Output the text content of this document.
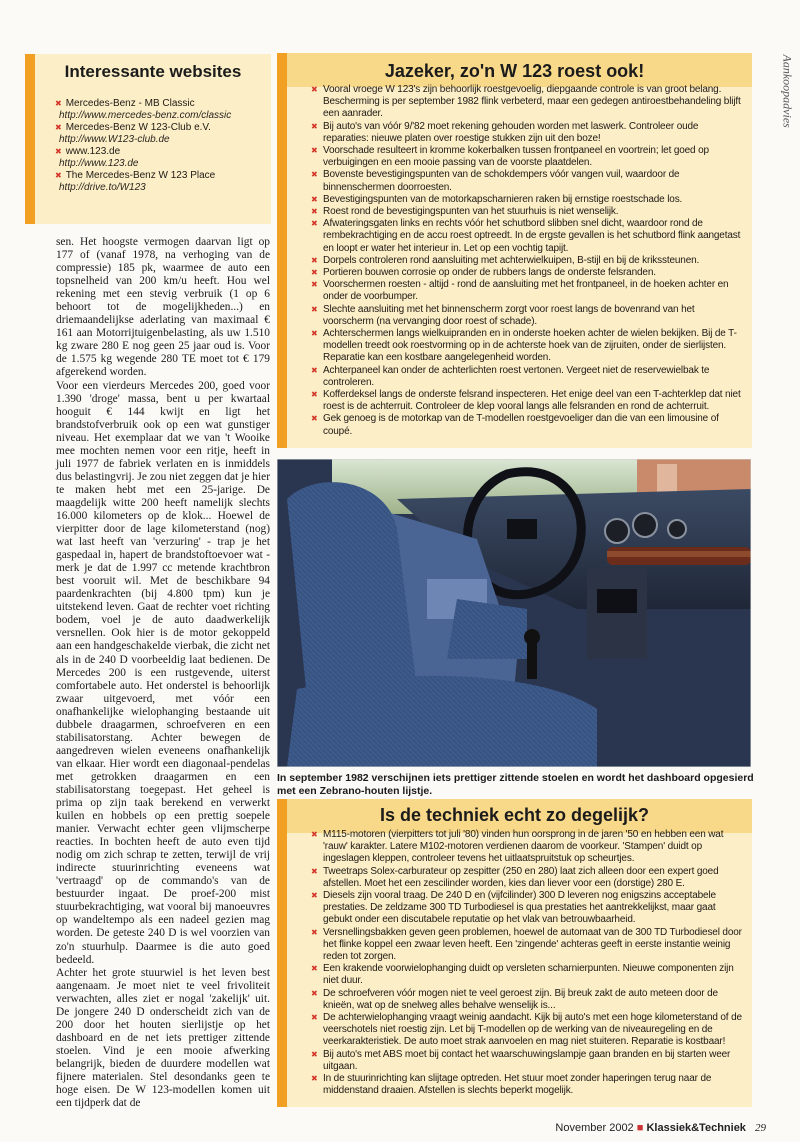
Aankoopadvies
Interessante websites
✖ Mercedes-Benz - MB Classic
http://www.mercedes-benz.com/classic
✖ Mercedes-Benz W 123-Club e.V.
http://www.W123-club.de
✖ www.123.de
http://www.123.de
✖ The Mercedes-Benz W 123 Place
http://drive.to/W123

sen. Het hoogste vermogen daarvan ligt op 177 of (vanaf 1978, na verhoging van de compressie) 185 pk, waarmee de auto een topsnelheid van 200 km/u heeft. Hou wel rekening met een stevig verbruik (1 op 6 behoort tot de mogelijkheden...) en driemaandelijkse aderlating van maximaal € 161 aan Motorrijtuigenbelasting, als uw 1.510 kg zware 280 E nog geen 25 jaar oud is. Voor de 1.575 kg wegende 280 TE moet tot € 179 afgerekend worden.

Voor een vierdeurs Mercedes 200, goed voor 1.390 'droge' massa, bent u per kwartaal hooguit € 144 kwijt en ligt het brandstofverbruik ook op een wat gunstiger niveau. Het exemplaar dat we van 't Wooike mee mochten nemen voor een ritje, heeft in juli 1977 de fabriek verlaten en is inmiddels dus belastingvrij. Je zou niet zeggen dat je hier te maken hebt met een 25-jarige. De maagdelijk witte 200 heeft namelijk slechts 16.000 kilometers op de klok... Hoewel de vierpitter door de lage kilometerstand (nog) wat last heeft van 'verzuring' - trap je het gaspedaal in, hapert de brandstoftoevoer wat - merk je dat de 1.997 cc metende krachtbron best vooruit wil. Met de beschikbare 94 paardenkrachten (bij 4.800 tpm) kun je uitstekend leven. Gaat de rechter voet richting bodem, voel je de auto daadwerkelijk versnellen. Ook hier is de motor gekoppeld aan een handgeschakelde vierbak, die zicht net als in de 240 D voorbeeldig laat bedienen. De Mercedes 200 is een rustgevende, uiterst comfortabele auto. Het onderstel is behoorlijk zwaar uitgevoerd, met vóór een onafhankelijke wielophanging bestaande uit dubbele draagarmen, schroefveren en een stabilisatorstang. Achter bewegen de aangedreven wielen eveneens onafhankelijk van elkaar. Hier wordt een diagonaal-pendelas met getrokken draagarmen en een stabilisatorstang toegepast. Het geheel is prima op zijn taak berekend en verwerkt kuilen en hobbels op een prettig soepele manier. Verwacht echter geen vlijmscherpe reacties. In bochten heeft de auto even tijd nodig om zich schrap te zetten, terwijl de vrij indirecte stuurinrichting eveneens wat 'vertraagd' op de commando's van de bestuurder ingaat. De proef-200 mist stuurbekrachtiging, wat vooral bij manoeuvres op wandeltempo als een nadeel gezien mag worden. De geteste 240 D is wel voorzien van zo'n stuurhulp. Daarmee is die auto goed bedeeld.

Achter het grote stuurwiel is het leven best aangenaam. Je moet niet te veel frivoliteit verwachten, alles ziet er nogal 'zakelijk' uit. De jongere 240 D onderscheidt zich van de 200 door het houten sierlijstje op het dashboard en de net iets prettiger zittende stoelen. Vind je een mooie afwerking belangrijk, bieden de duurdere modellen wat fijnere materialen. Stel desondanks geen te hoge eisen. De W 123-modellen komen uit een tijdperk dat de

Jazeker, zo'n W 123 roest ook!
✖ Vooral vroege W 123's zijn behoorlijk roestgevoelig, diepgaande controle is van groot belang. Bescherming is per september 1982 flink verbeterd, maar een gedegen antiroestbehandeling blijft een aanrader.
✖ Bij auto's van vóór 9/'82 moet rekening gehouden worden met laswerk. Controleer oude reparaties: nieuwe platen over roestige stukken zijn uit den boze!
✖ Voorschade resulteert in kromme kokerbalken tussen frontpaneel en voortrein; let goed op verbuigingen en een mooie passing van de voorste plaatdelen.
✖ Bovenste bevestigingspunten van de schokdempers vóór vangen vuil, waardoor de binnenschermen doorroesten.
✖ Bevestigingspunten van de motorkapscharnieren raken bij ernstige roestschade los.
✖ Roest rond de bevestigingspunten van het stuurhuis is niet wenselijk.
✖ Afwateringsgaten links en rechts vóór het schutbord slibben snel dicht, waardoor rond de rembekrachtiging en de accu roest optreedt. In de ergste gevallen is het schutbord flink aangetast en loopt er water het interieur in. Let op een vochtig tapijt.
✖ Dorpels controleren rond aansluiting met achterwielkuipen, B-stijl en bij de krikssteunen.
✖ Portieren bouwen corrosie op onder de rubbers langs de onderste felsranden.
✖ Voorschermen roesten - altijd - rond de aansluiting met het frontpaneel, in de hoeken achter en onder de voorbumper.
✖ Slechte aansluiting met het binnenscherm zorgt voor roest langs de bovenrand van het voorscherm (na vervanging door roest of schade).
✖ Achterschermen langs wielkuipranden en in onderste hoeken achter de wielen bekijken. Bij de T-modellen treedt ook roestvorming op in de achterste hoek van de zijruiten, onder de sierlijsten. Reparatie kan een kostbare aangelegenheid worden.
✖ Achterpaneel kan onder de achterlichten roest vertonen. Vergeet niet de reservewielbak te controleren.
✖ Kofferdeksel langs de onderste felsrand inspecteren. Het enige deel van een T-achterklep dat niet roest is de achterruit. Controleer de klep vooral langs alle felsranden en rond de achterruit.
✖ Gek genoeg is de motorkap van de T-modellen roestgevoeliger dan die van een limousine of coupé.
In september 1982 verschijnen iets prettiger zittende stoelen en wordt het dashboard opgesierd met een Zebrano-houten lijstje.
Is de techniek echt zo degelijk?
✖ M115-motoren (vierpitters tot juli '80) vinden hun oorsprong in de jaren '50 en hebben een wat 'rauw' karakter. Latere M102-motoren verdienen daarom de voorkeur. 'Stampen' duidt op ingeslagen kleppen, controleer tevens het uitlaatspruitstuk op scheurtjes.
✖ Tweetraps Solex-carburateur op zespitter (250 en 280) laat zich alleen door een expert goed afstellen. Moet het een zescilinder worden, kies dan liever voor een (dorstige) 280 E.
✖ Diesels zijn vooral traag. De 240 D en (vijfcilinder) 300 D leveren nog enigszins acceptabele prestaties. De zeldzame 300 TD Turbodiesel is qua prestaties het aantrekkelijkst, maar gaat gebukt onder een discutabele reputatie op het vlak van betrouwbaarheid.
✖ Versnellingsbakken geven geen problemen, hoewel de automaat van de 300 TD Turbodiesel door het flinke koppel een zwaar leven heeft. Een 'zingende' achteras geeft in eerste instantie weinig reden tot zorgen.
✖ Een krakende voorwielophanging duidt op versleten scharnierpunten. Nieuwe componenten zijn niet duur.
✖ De schroefveren vóór mogen niet te veel geroest zijn. Bij breuk zakt de auto meteen door de knieën, wat op de snelweg alles behalve wenselijk is...
✖ De achterwielophanging vraagt weinig aandacht. Kijk bij auto's met een hoge kilometerstand of de veerschotels niet roestig zijn. Let bij T-modellen op de werking van de niveauregeling en de veerkarakteristiek. De auto moet strak aanvoelen en mag niet stuiteren. Reparatie is kostbaar!
✖ Bij auto's met ABS moet bij contact het waarschuwingslampje gaan branden en bij starten weer uitgaan.
✖ In de stuurinrichting kan slijtage optreden. Het stuur moet zonder haperingen terug naar de middenstand draaien. Afstellen is slechts beperkt mogelijk.
November 2002 ■ Klassiek&Techniek 29
